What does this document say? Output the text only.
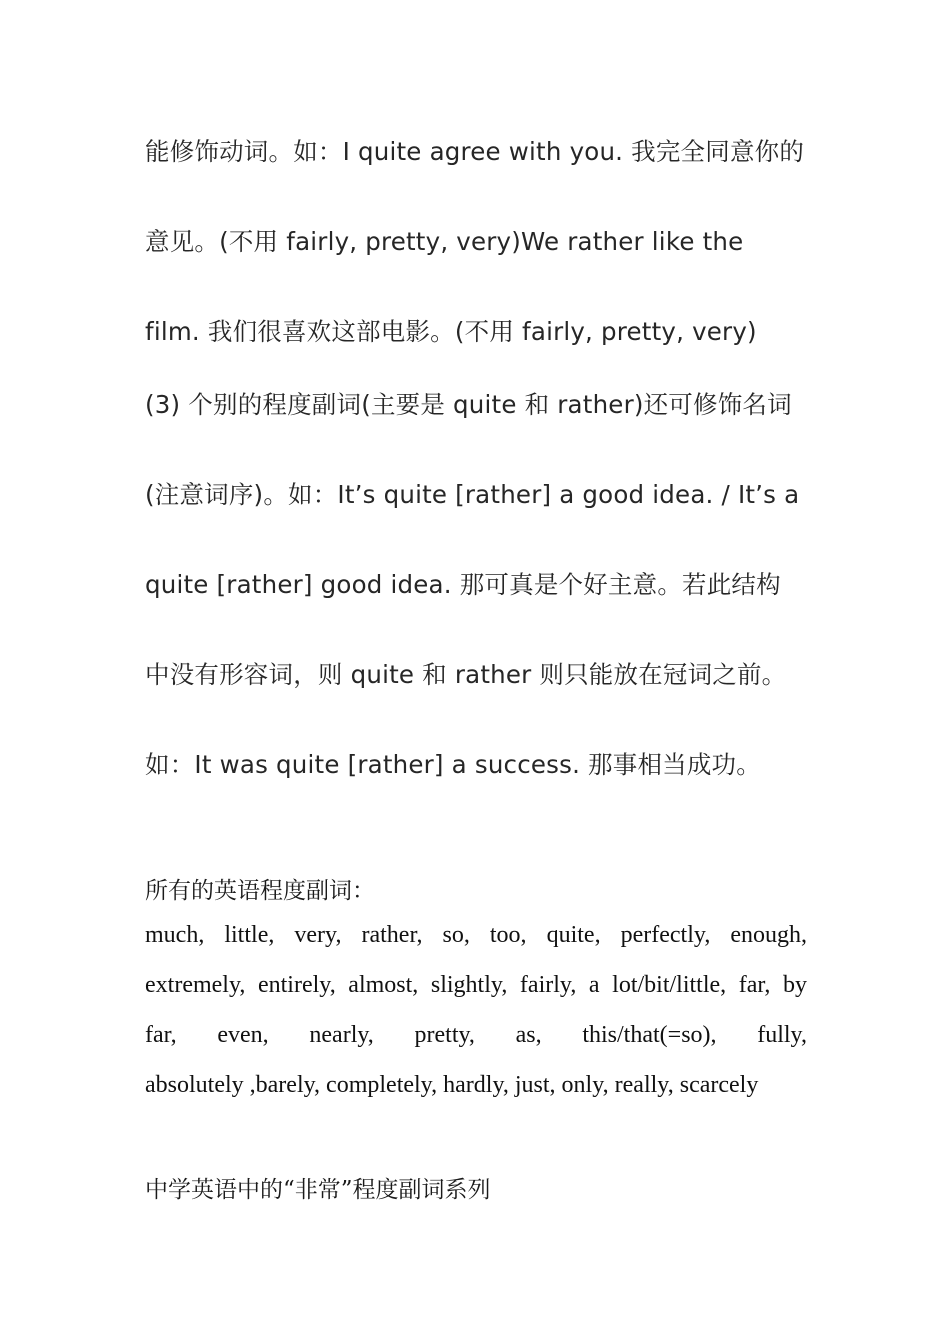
能修饰动词。如：I quite agree with you. 我完全同意你的
意见。(不用 fairly, pretty, very)We rather like the
film. 我们很喜欢这部电影。(不用 fairly, pretty, very)
(3) 个别的程度副词(主要是 quite 和 rather)还可修饰名词
(注意词序)。如：It’s quite [rather] a good idea. / It’s a
quite [rather] good idea. 那可真是个好主意。若此结构
中没有形容词，则 quite 和 rather 则只能放在冠词之前。
如：It was quite [rather] a success. 那事相当成功。
所有的英语程度副词：
much, little, very, rather, so, too, quite, perfectly, enough,
extremely, entirely, almost, slightly, fairly, a lot/bit/little, far, by
far, even, nearly, pretty, as, this/that(=so), fully,
absolutely ,barely, completely, hardly, just, only, really, scarcely
中学英语中的“非常”程度副词系列
